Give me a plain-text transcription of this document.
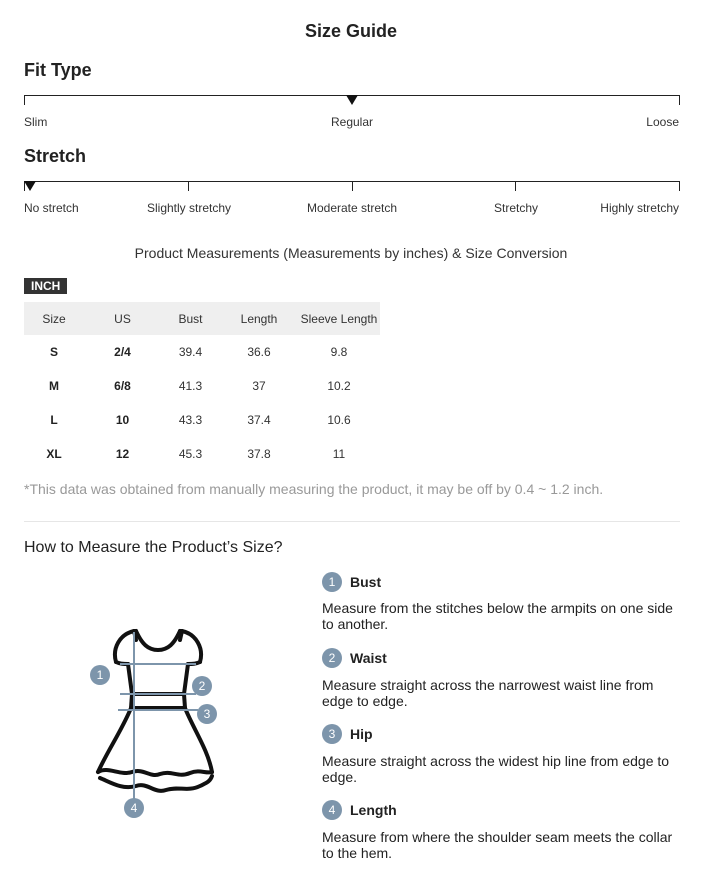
Size Guide
Fit Type
Slim	Regular	Loose
Stretch
No stretch	Slightly stretchy	Moderate stretch	Stretchy	Highly stretchy
Product Measurements (Measurements by inches) & Size Conversion
INCH
Size	US	Bust	Length	Sleeve Length
S	2/4	39.4	36.6	9.8
M	6/8	41.3	37	10.2
L	10	43.3	37.4	10.6
XL	12	45.3	37.8	11
*This data was obtained from manually measuring the product, it may be off by 0.4 ~ 1.2 inch.
How to Measure the Product’s Size?
1
2
3
4
1	Bust
Measure from the stitches below the armpits on one side to another.
2	Waist
Measure straight across the narrowest waist line from edge to edge.
3	Hip
Measure straight across the widest hip line from edge to edge.
4	Length
Measure from where the shoulder seam meets the collar to the hem.
